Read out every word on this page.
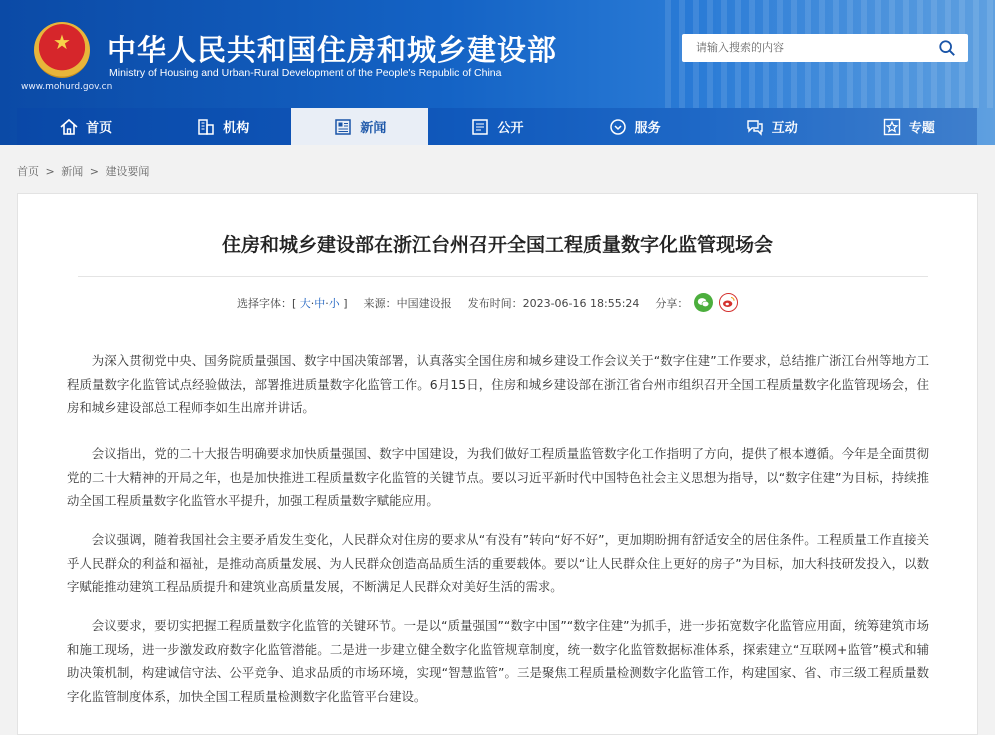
★
www.mohurd.gov.cn
中华人民共和国住房和城乡建设部
Ministry of Housing and Urban-Rural Development of the People's Republic of China
请输入搜索的内容
首页	机构	新闻	公开	服务	互动	专题
首页 > 新闻 > 建设要闻
住房和城乡建设部在浙江台州召开全国工程质量数字化监管现场会
选择字体：[ 大·中·小 ] 来源：中国建设报 发布时间：2023-06-16 18:55:24 分享：

为深入贯彻党中央、国务院质量强国、数字中国决策部署，认真落实全国住房和城乡建设工作会议关于“数字住建”工作要求，总结推广浙江台州等地方工程质量数字化监管试点经验做法，部署推进质量数字化监管工作。6月15日，住房和城乡建设部在浙江省台州市组织召开全国工程质量数字化监管现场会，住房和城乡建设部总工程师李如生出席并讲话。

会议指出，党的二十大报告明确要求加快质量强国、数字中国建设，为我们做好工程质量监管数字化工作指明了方向，提供了根本遵循。今年是全面贯彻党的二十大精神的开局之年，也是加快推进工程质量数字化监管的关键节点。要以习近平新时代中国特色社会主义思想为指导，以“数字住建”为目标，持续推动全国工程质量数字化监管水平提升，加强工程质量数字赋能应用。

会议强调，随着我国社会主要矛盾发生变化，人民群众对住房的要求从“有没有”转向“好不好”，更加期盼拥有舒适安全的居住条件。工程质量工作直接关乎人民群众的利益和福祉，是推动高质量发展、为人民群众创造高品质生活的重要载体。要以“让人民群众住上更好的房子”为目标，加大科技研发投入，以数字赋能推动建筑工程品质提升和建筑业高质量发展，不断满足人民群众对美好生活的需求。

会议要求，要切实把握工程质量数字化监管的关键环节。一是以“质量强国”“数字中国”“数字住建”为抓手，进一步拓宽数字化监管应用面，统筹建筑市场和施工现场，进一步激发政府数字化监管潜能。二是进一步建立健全数字化监管规章制度，统一数字化监管数据标准体系，探索建立“互联网+监管”模式和辅助决策机制，构建诚信守法、公平竞争、追求品质的市场环境，实现“智慧监管”。三是聚焦工程质量检测数字化监管工作，构建国家、省、市三级工程质量数字化监管制度体系，加快全国工程质量检测数字化监管平台建设。
